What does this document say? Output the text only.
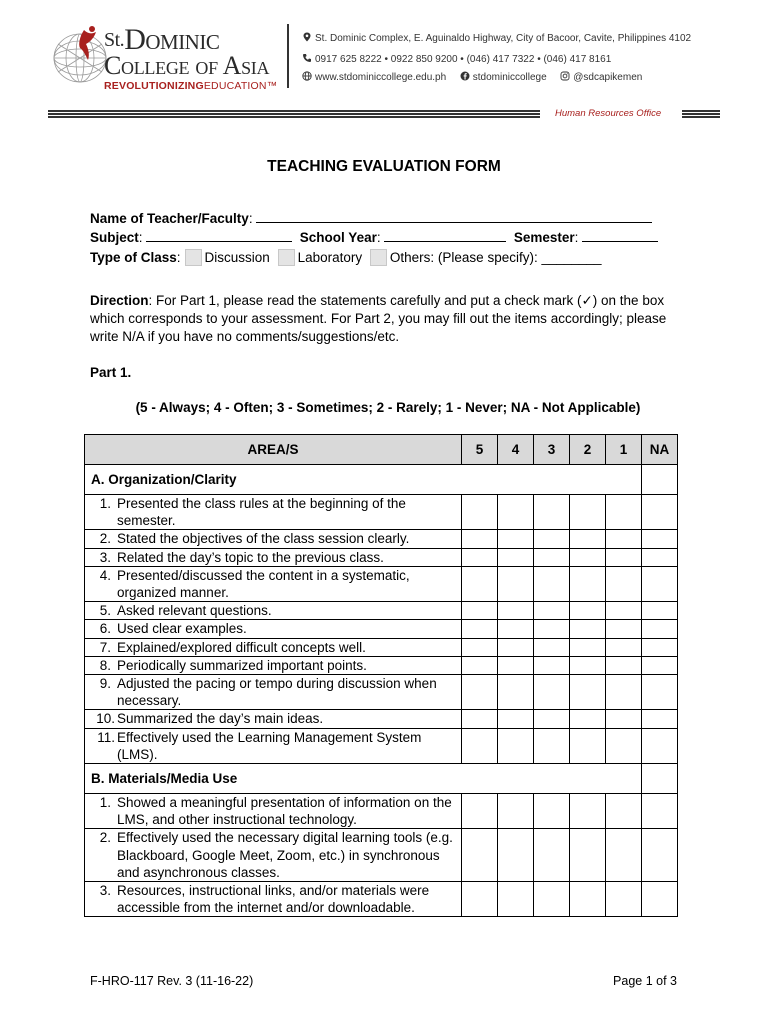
$^{St.}$Dominic
College of Asia
REVOLUTIONIZINGEDUCATION™
St. Dominic Complex, E. Aguinaldo Highway, City of Bacoor, Cavite, Philippines 4102
0917 625 8222 • 0922 850 9200 • (046) 417 7322 • (046) 417 8161
www.stdominiccollege.edu.ph	stdominiccollege	@sdcapikemen
Human Resources Office
TEACHING EVALUATION FORM
Name of Teacher/Faculty:
Subject:	School Year:	Semester:
Type of Class: Discussion Laboratory Others: (Please specify): ________
Direction: For Part 1, please read the statements carefully and put a check mark (✓) on the box which corresponds to your assessment. For Part 2, you may fill out the items accordingly; please write N/A if you have no comments/suggestions/etc.
Part 1.
(5 - Always; 4 - Often; 3 - Sometimes; 2 - Rarely; 1 - Never; NA - Not Applicable)
AREA/S	5	4	3	2	1	NA
A. Organization/Clarity						

1. Presented the class rules at the beginning of the semester.						

2. Stated the objectives of the class session clearly.						

3. Related the day’s topic to the previous class.						

4. Presented/discussed the content in a systematic, organized manner.						

5. Asked relevant questions.						

6. Used clear examples.						

7. Explained/explored difficult concepts well.						

8. Periodically summarized important points.						

9. Adjusted the pacing or tempo during discussion when necessary.						

10. Summarized the day’s main ideas.						

11. Effectively used the Learning Management System (LMS).						

B. Materials/Media Use						

1. Showed a meaningful presentation of information on the LMS, and other instructional technology.						

2. Effectively used the necessary digital learning tools (e.g. Blackboard, Google Meet, Zoom, etc.) in synchronous and asynchronous classes.						

3. Resources, instructional links, and/or materials were accessible from the internet and/or downloadable.						

F-HRO-117 Rev. 3 (11-16-22)	Page 1 of 3
